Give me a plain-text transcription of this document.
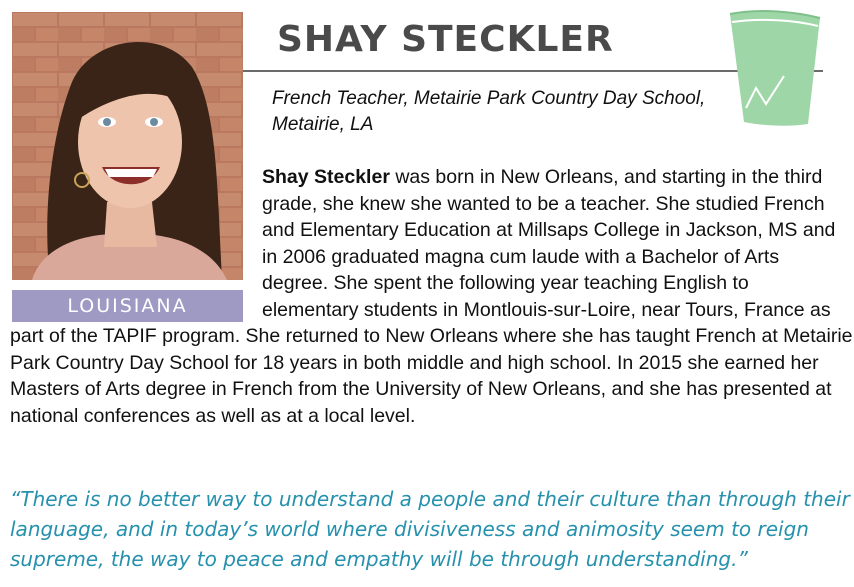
LOUISIANA
SHAY STECKLER

French Teacher, Metairie Park Country Day School, Metairie, LA

Shay Steckler was born in New Orleans, and starting in the third grade, she knew she wanted to be a teacher. She studied French and Elementary Education at Millsaps College in Jackson, MS and in 2006 graduated magna cum laude with a Bachelor of Arts degree. She spent the following year teaching English to elementary students in Montlouis-sur-Loire, near Tours, France as part of the TAPIF program. She returned to New Orleans where she has taught French at Metairie Park Country Day School for 18 years in both middle and high school. In 2015 she earned her Masters of Arts degree in French from the University of New Orleans, and she has presented at national conferences as well as at a local level.

“There is no better way to understand a people and their culture than through their language, and in today’s world where divisiveness and animosity seem to reign supreme, the way to peace and empathy will be through understanding.”
